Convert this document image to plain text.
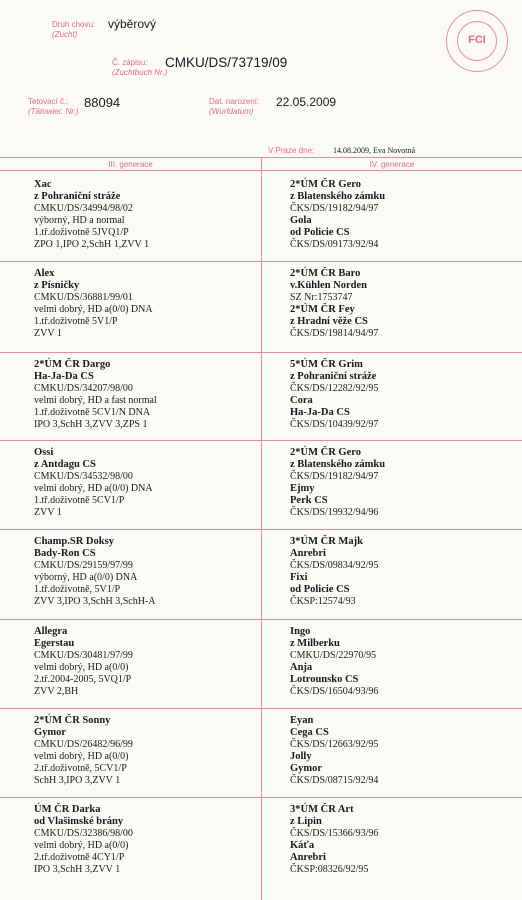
Druh chovu:
(Zucht)
výběrový
Č. zápisu:
(Zuchtbuch Nr.)
CMKU/DS/73719/09
Tetovací č.:
(Tätowier. Nr.)
88094	Dat. narození:
(Wurfdatum)
22.05.2009
FCI
V Praze dne: 14.08.2009, Eva Novotná
III. generace	IV. generace
Xac
z Pohraniční stráže
CMKU/DS/34994/98/02
výborný, HD a normal
1.tř.doživotně 5JVQ1/P
ZPO 1,IPO 2,SchH 1,ZVV 1
2*ÚM ČR Gero
z Blatenského zámku
ČKS/DS/19182/94/97
Gola
od Policie CS
ČKS/DS/09173/92/94
Alex
z Písničky
CMKU/DS/36881/99/01
velmi dobrý, HD a(0/0) DNA
1.tř.doživotně 5V1/P
ZVV 1
2*ÚM ČR Baro
v.Kühlen Norden
SZ Nr:1753747
2*ÚM ČR Fey
z Hradní věže CS
ČKS/DS/19814/94/97
2*ÚM ČR Dargo
Ha-Ja-Da CS
CMKU/DS/34207/98/00
velmi dobrý, HD a fast normal
1.tř.doživotně 5CV1/N DNA
IPO 3,SchH 3,ZVV 3,ZPS 1
5*ÚM ČR Grim
z Pohraniční stráže
ČKS/DS/12282/92/95
Cora
Ha-Ja-Da CS
ČKS/DS/10439/92/97
Ossi
z Antdagu CS
CMKU/DS/34532/98/00
velmi dobrý, HD a(0/0) DNA
1.tř.doživotně 5CV1/P
ZVV 1
2*ÚM ČR Gero
z Blatenského zámku
ČKS/DS/19182/94/97
Ejmy
Perk CS
ČKS/DS/19932/94/96
Champ.SR Doksy
Bady-Ron CS
CMKU/DS/29159/97/99
výborný, HD a(0/0) DNA
1.tř.doživotně, 5V1/P
ZVV 3,IPO 3,SchH 3,SchH-A
3*ÚM ČR Majk
Anrebri
ČKS/DS/09834/92/95
Fixi
od Policie CS
ČKSP:12574/93
Allegra
Egerstau
CMKU/DS/30481/97/99
velmi dobrý, HD a(0/0)
2.tř.2004-2005, 5VQ1/P
ZVV 2,BH
Ingo
z Milberku
CMKU/DS/22970/95
Anja
Lotrounsko CS
ČKS/DS/16504/93/96
2*ÚM ČR Sonny
Gymor
CMKU/DS/26482/96/99
velmi dobrý, HD a(0/0)
2.tř.doživotně, 5CV1/P
SchH 3,IPO 3,ZVV 1
Eyan
Cega CS
ČKS/DS/12663/92/95
Jolly
Gymor
ČKS/DS/08715/92/94
ÚM ČR Darka
od Vlašimské brány
CMKU/DS/32386/98/00
velmi dobrý, HD a(0/0)
2.tř.doživotně 4CY1/P
IPO 3,SchH 3,ZVV 1
3*ÚM ČR Art
z Lipin
ČKS/DS/15366/93/96
Káťa
Anrebri
ČKSP:08326/92/95
